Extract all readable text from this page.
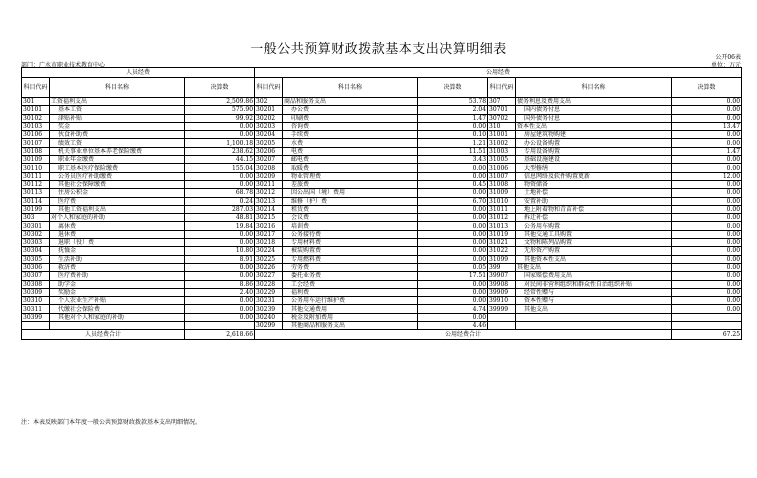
一般公共预算财政拨款基本支出决算明细表
公开06表
部门：广水市职业技术教育中心	单位：万元
人员经费			公用经费					
科目代码	科目名称	决算数	科目代码	科目名称	决算数	科目代码	科目名称	决算数
301	工资福利支出	2,509.86	302	商品和服务支出	53.78	307	债务利息及费用支出	0.00
30101	基本工资	575.90	30201	办公费	2.04	30701	国内债务付息	0.00
30102	津贴补贴	99.92	30202	印刷费	1.47	30702	国外债务付息	0.00
30103	奖金	0.00	30203	咨询费	0.00	310	资本性支出	13.47
30106	伙食补助费	0.00	30204	手续费	0.10	31001	房屋建筑物购建	0.00
30107	绩效工资	1,100.18	30205	水费	1.21	31002	办公设备购置	0.00
30108	机关事业单位基本养老保险缴费	238.62	30206	电费	11.51	31003	专用设备购置	1.47
30109	职业年金缴费	44.15	30207	邮电费	3.43	31005	基础设施建设	0.00
30110	职工基本医疗保险缴费	155.04	30208	取暖费	0.00	31006	大型修缮	0.00
30111	公务员医疗补助缴费	0.00	30209	物业管理费	0.00	31007	信息网络及软件购置更新	12.00
30112	其他社会保障缴费	0.00	30211	差旅费	0.45	31008	物资储备	0.00
30113	住房公积金	68.78	30212	因公出国（境）费用	0.00	31009	土地补偿	0.00
30114	医疗费	0.24	30213	维修（护）费	6.70	31010	安置补助	0.00
30199	其他工资福利支出	287.03	30214	租赁费	0.00	31011	地上附着物和青苗补偿	0.00
303	对个人和家庭的补助	48.81	30215	会议费	0.00	31012	拆迁补偿	0.00
30301	离休费	19.84	30216	培训费	0.00	31013	公务用车购置	0.00
30302	退休费	0.00	30217	公务接待费	0.00	31019	其他交通工具购置	0.00
30303	退职（役）费	0.00	30218	专用材料费	0.00	31021	文物和陈列品购置	0.00
30304	抚恤金	10.80	30224	被装购置费	0.00	31022	无形资产购置	0.00
30305	生活补助	8.91	30225	专用燃料费	0.00	31099	其他资本性支出	0.00
30306	救济费	0.00	30226	劳务费	0.05	399	其他支出	0.00
30307	医疗费补助	0.00	30227	委托业务费	17.51	39907	国家赔偿费用支出	0.00
30308	助学金	8.86	30228	工会经费	0.00	39908	对民间非营利组织和群众性自治组织补贴	0.00
30309	奖励金	2.40	30229	福利费	0.00	39909	经常性赠与	0.00
30310	个人农业生产补贴	0.00	30231	公务用车运行维护费	0.00	39910	资本性赠与	0.00
30311	代缴社会保险费	0.00	30239	其他交通费用	4.74	39999	其他支出	0.00
30399	其他对个人和家庭的补助	0.00	30240	税金及附加费用	0.00			
			30299	其他商品和服务支出	4.46			
人员经费合计		2,618.66	公用经费合计					67.25
注：本表反映部门本年度一般公共预算财政拨款基本支出明细情况。
